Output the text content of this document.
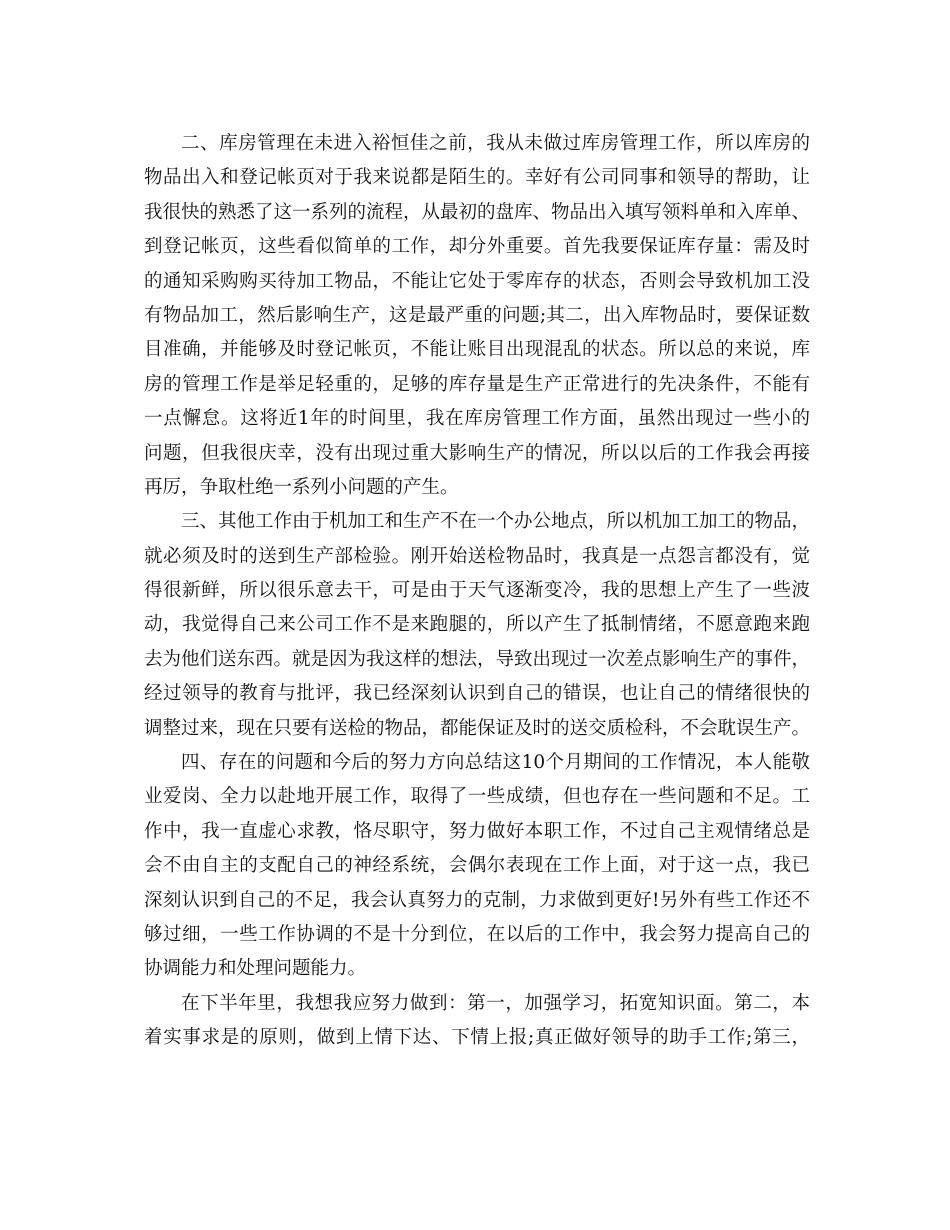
二、库房管理在未进入裕恒佳之前，我从未做过库房管理工作，所以库房的
物品出入和登记帐页对于我来说都是陌生的。幸好有公司同事和领导的帮助，让
我很快的熟悉了这一系列的流程，从最初的盘库、物品出入填写领料单和入库单、
到登记帐页，这些看似简单的工作，却分外重要。首先我要保证库存量：需及时
的通知采购购买待加工物品，不能让它处于零库存的状态，否则会导致机加工没
有物品加工，然后影响生产，这是最严重的问题;其二，出入库物品时，要保证数
目准确，并能够及时登记帐页，不能让账目出现混乱的状态。所以总的来说，库
房的管理工作是举足轻重的，足够的库存量是生产正常进行的先决条件，不能有
一点懈怠。这将近1年的时间里，我在库房管理工作方面，虽然出现过一些小的
问题，但我很庆幸，没有出现过重大影响生产的情况，所以以后的工作我会再接
再厉，争取杜绝一系列小问题的产生。

三、其他工作由于机加工和生产不在一个办公地点，所以机加工加工的物品，
就必须及时的送到生产部检验。刚开始送检物品时，我真是一点怨言都没有，觉
得很新鲜，所以很乐意去干，可是由于天气逐渐变冷，我的思想上产生了一些波
动，我觉得自己来公司工作不是来跑腿的，所以产生了抵制情绪，不愿意跑来跑
去为他们送东西。就是因为我这样的想法，导致出现过一次差点影响生产的事件，
经过领导的教育与批评，我已经深刻认识到自己的错误，也让自己的情绪很快的
调整过来，现在只要有送检的物品，都能保证及时的送交质检科，不会耽误生产。

四、存在的问题和今后的努力方向总结这10个月期间的工作情况，本人能敬
业爱岗、全力以赴地开展工作，取得了一些成绩，但也存在一些问题和不足。工
作中，我一直虚心求教，恪尽职守，努力做好本职工作，不过自己主观情绪总是
会不由自主的支配自己的神经系统，会偶尔表现在工作上面，对于这一点，我已
深刻认识到自己的不足，我会认真努力的克制，力求做到更好!另外有些工作还不
够过细，一些工作协调的不是十分到位，在以后的工作中，我会努力提高自己的
协调能力和处理问题能力。

在下半年里，我想我应努力做到：第一，加强学习，拓宽知识面。第二，本
着实事求是的原则，做到上情下达、下情上报;真正做好领导的助手工作;第三，
